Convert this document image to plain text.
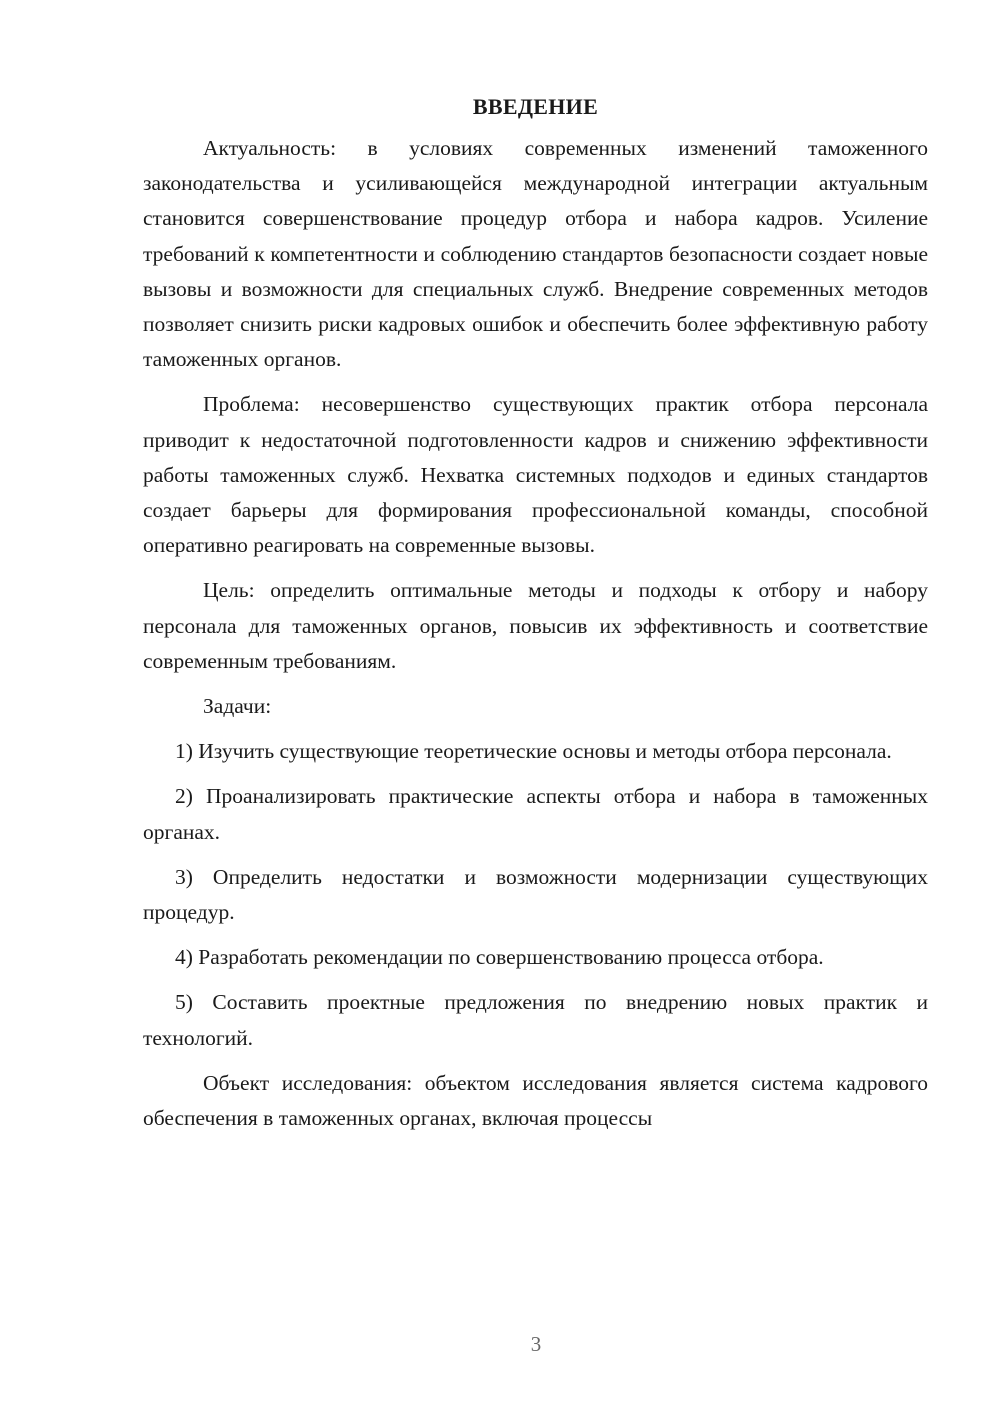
ВВЕДЕНИЕ

Актуальность: в условиях современных изменений таможенного законодательства и усиливающейся международной интеграции актуальным становится совершенствование процедур отбора и набора кадров. Усиление требований к компетентности и соблюдению стандартов безопасности создает новые вызовы и возможности для специальных служб. Внедрение современных методов позволяет снизить риски кадровых ошибок и обеспечить более эффективную работу таможенных органов.

Проблема: несовершенство существующих практик отбора персонала приводит к недостаточной подготовленности кадров и снижению эффективности работы таможенных служб. Нехватка системных подходов и единых стандартов создает барьеры для формирования профессиональной команды, способной оперативно реагировать на современные вызовы.

Цель: определить оптимальные методы и подходы к отбору и набору персонала для таможенных органов, повысив их эффективность и соответствие современным требованиям.

Задачи:

1) Изучить существующие теоретические основы и методы отбора персонала.

2) Проанализировать практические аспекты отбора и набора в таможенных органах.

3) Определить недостатки и возможности модернизации существующих процедур.

4) Разработать рекомендации по совершенствованию процесса отбора.

5) Составить проектные предложения по внедрению новых практик и технологий.

Объект исследования: объектом исследования является система кадрового обеспечения в таможенных органах, включая процессы

3
